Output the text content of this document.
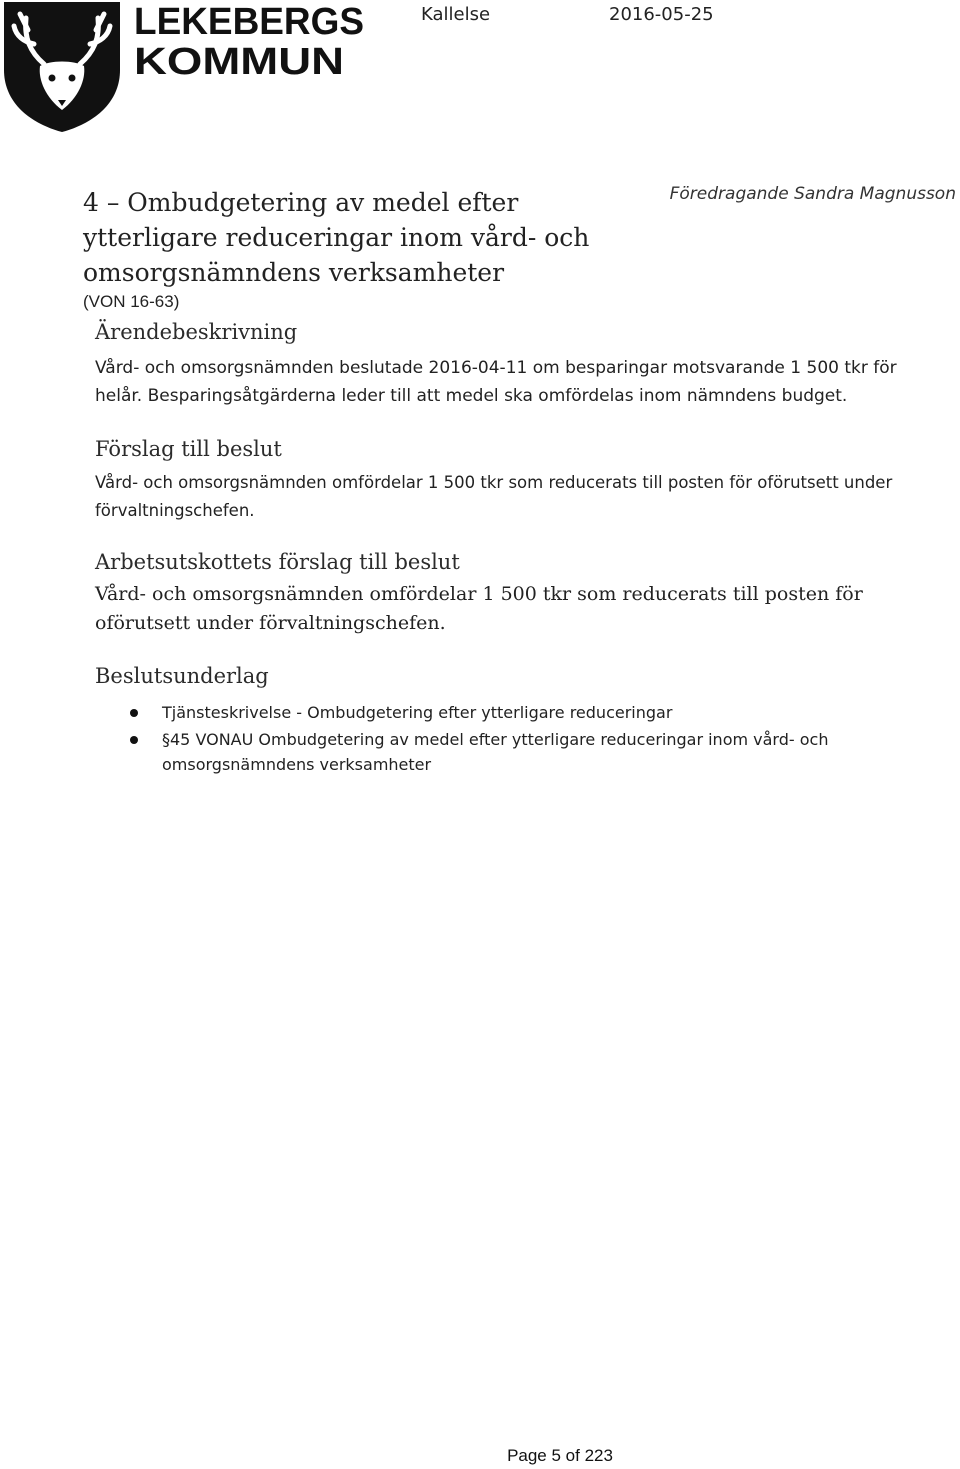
LEKEBERGS
KOMMUN
Kallelse	2016-05-25
4 – Ombudgetering av medel efter
ytterligare reduceringar inom vård- och
omsorgsnämndens verksamheter
Föredragande Sandra Magnusson
(VON 16-63)
Ärendebeskrivning
Vård- och omsorgsnämnden beslutade 2016-04-11 om besparingar motsvarande 1 500 tkr för helår. Besparingsåtgärderna leder till att medel ska omfördelas inom nämndens budget.
Förslag till beslut
Vård- och omsorgsnämnden omfördelar 1 500 tkr som reducerats till posten för oförutsett under förvaltningschefen.
Arbetsutskottets förslag till beslut
Vård- och omsorgsnämnden omfördelar 1 500 tkr som reducerats till posten för oförutsett under förvaltningschefen.
Beslutsunderlag
Tjänsteskrivelse - Ombudgetering efter ytterligare reduceringar
§45 VONAU Ombudgetering av medel efter ytterligare reduceringar inom vård- och omsorgsnämndens verksamheter
Page 5 of 223
